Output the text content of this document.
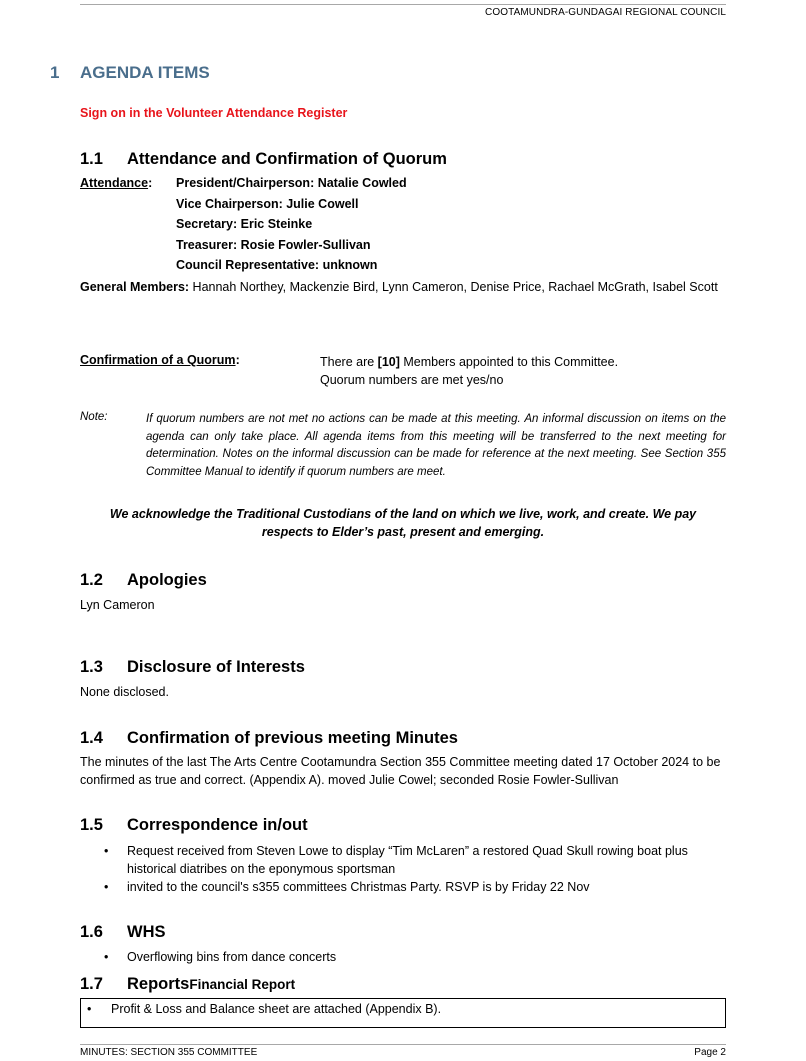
COOTAMUNDRA-GUNDAGAI REGIONAL COUNCIL
1 AGENDA ITEMS
Sign on in the Volunteer Attendance Register
1.1 Attendance and Confirmation of Quorum
Attendance: President/Chairperson: Natalie Cowled
Vice Chairperson: Julie Cowell
Secretary: Eric Steinke
Treasurer: Rosie Fowler-Sullivan
Council Representative: unknown
General Members: Hannah Northey, Mackenzie Bird, Lynn Cameron, Denise Price, Rachael McGrath, Isabel Scott
Confirmation of a Quorum:	There are [10] Members appointed to this Committee.
Quorum numbers are met yes/no
Note:	If quorum numbers are not met no actions can be made at this meeting. An informal discussion on items on the agenda can only take place. All agenda items from this meeting will be transferred to the next meeting for determination. Notes on the informal discussion can be made for reference at the next meeting. See Section 355 Committee Manual to identify if quorum numbers are meet.
We acknowledge the Traditional Custodians of the land on which we live, work, and create. We pay respects to Elder’s past, present and emerging.
1.2 Apologies
Lyn Cameron
1.3 Disclosure of Interests
None disclosed.
1.4 Confirmation of previous meeting Minutes
The minutes of the last The Arts Centre Cootamundra Section 355 Committee meeting dated 17 October 2024 to be confirmed as true and correct. (Appendix A). moved Julie Cowel; seconded Rosie Fowler-Sullivan
1.5 Correspondence in/out
• Request received from Steven Lowe to display “Tim McLaren” a restored Quad Skull rowing boat plus historical diatribes on the eponymous sportsman
• invited to the council's s355 committees Christmas Party. RSVP is by Friday 22 Nov
1.6 WHS
• Overflowing bins from dance concerts
1.7 ReportsFinancial Report
• Profit & Loss and Balance sheet are attached (Appendix B).
MINUTES: SECTION 355 COMMITTEE	Page 2
